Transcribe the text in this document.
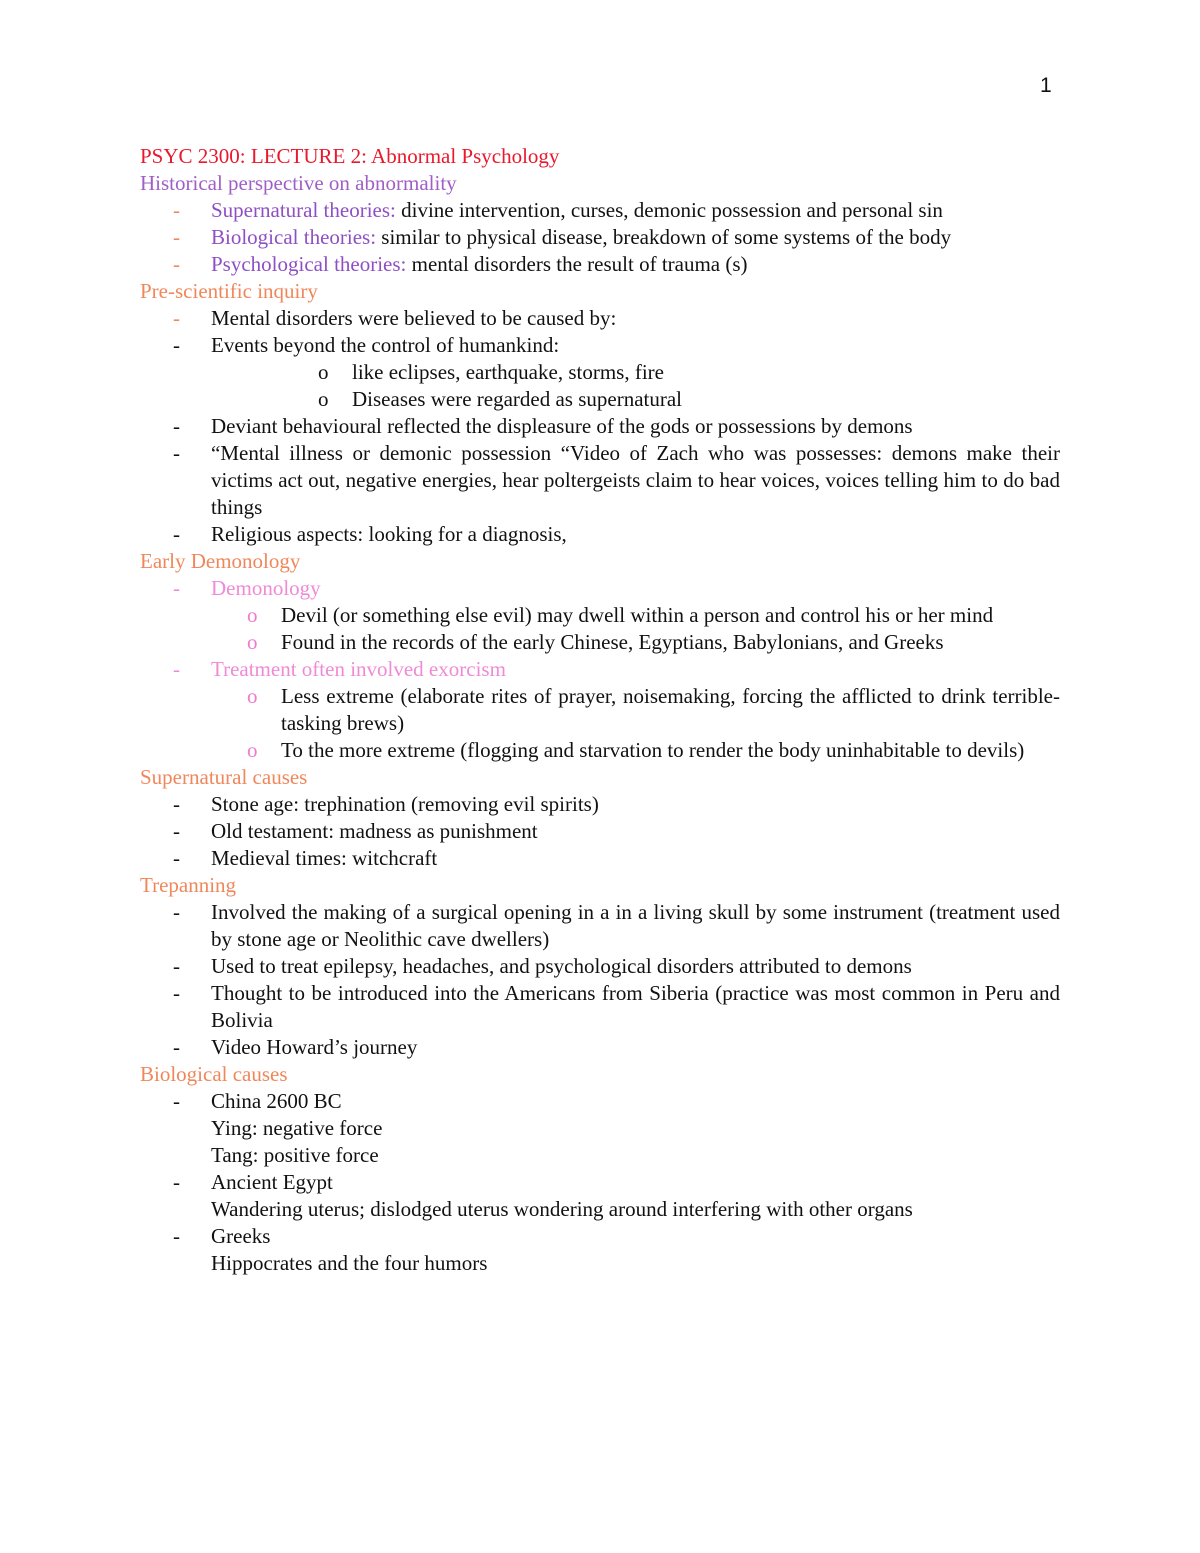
1
PSYC 2300: LECTURE 2: Abnormal Psychology
Historical perspective on abnormality
- Supernatural theories: divine intervention, curses, demonic possession and personal sin
- Biological theories: similar to physical disease, breakdown of some systems of the body
- Psychological theories: mental disorders the result of trauma (s)
Pre-scientific inquiry
- Mental disorders were believed to be caused by:
- Events beyond the control of humankind:
o like eclipses, earthquake, storms, fire
o Diseases were regarded as supernatural
- Deviant behavioural reflected the displeasure of the gods or possessions by demons
- “Mental illness or demonic possession “Video of Zach who was possesses: demons make their victims act out, negative energies, hear poltergeists claim to hear voices, voices telling him to do bad things
- Religious aspects: looking for a diagnosis,
Early Demonology
- Demonology
o Devil (or something else evil) may dwell within a person and control his or her mind
o Found in the records of the early Chinese, Egyptians, Babylonians, and Greeks
- Treatment often involved exorcism
o Less extreme (elaborate rites of prayer, noisemaking, forcing the afflicted to drink terrible-tasking brews)
o To the more extreme (flogging and starvation to render the body uninhabitable to devils)
Supernatural causes
- Stone age: trephination (removing evil spirits)
- Old testament: madness as punishment
- Medieval times: witchcraft
Trepanning
- Involved the making of a surgical opening in a in a living skull by some instrument (treatment used by stone age or Neolithic cave dwellers)
- Used to treat epilepsy, headaches, and psychological disorders attributed to demons
- Thought to be introduced into the Americans from Siberia (practice was most common in Peru and Bolivia
- Video Howard’s journey
Biological causes
- China 2600 BC
Ying: negative force
Tang: positive force
- Ancient Egypt
Wandering uterus; dislodged uterus wondering around interfering with other organs
- Greeks
Hippocrates and the four humors
